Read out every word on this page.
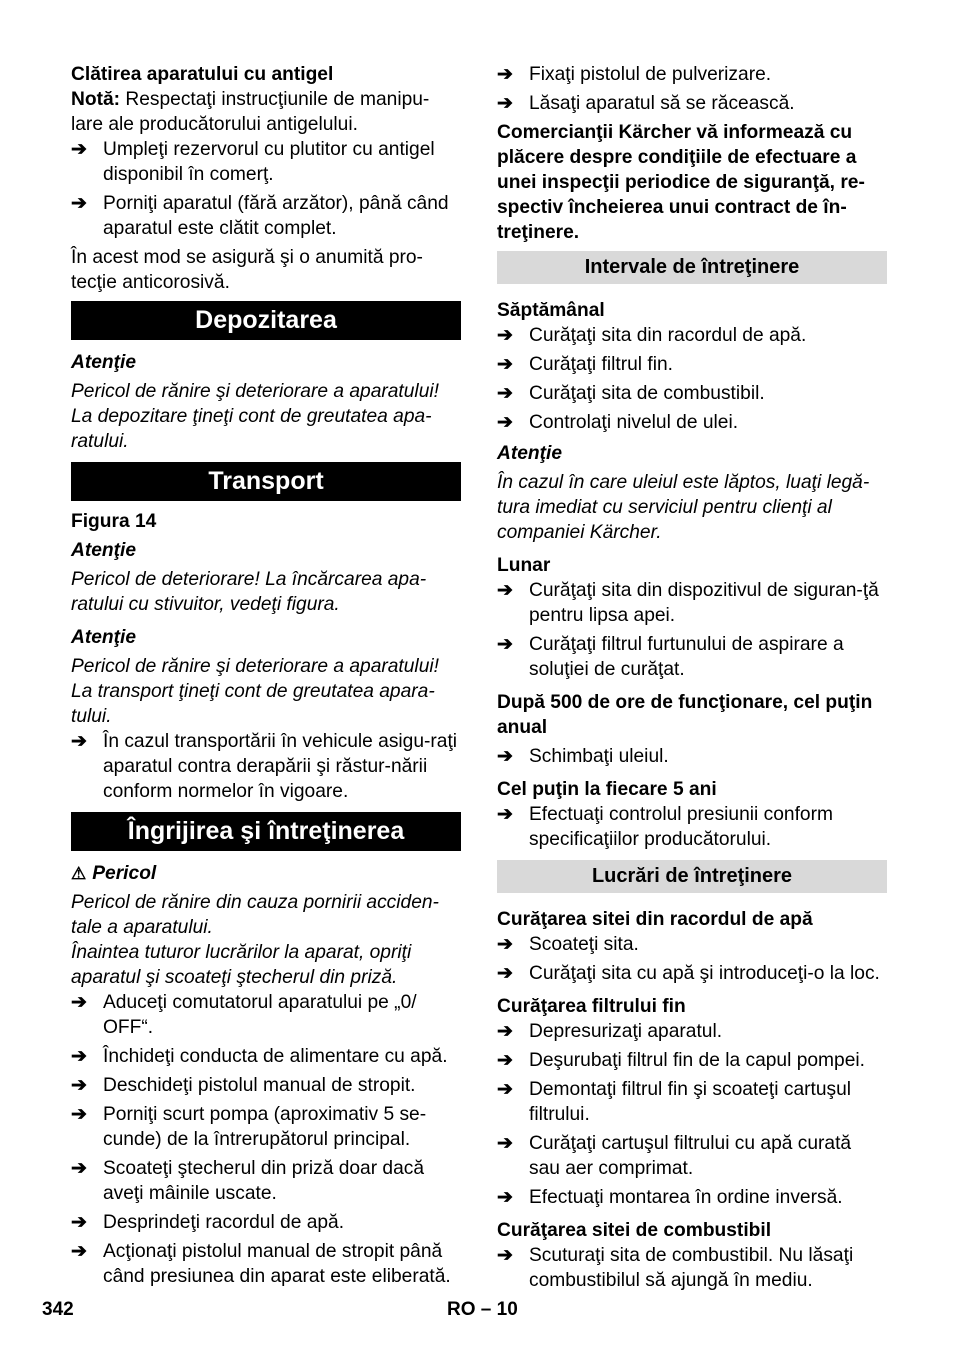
Clătirea aparatului cu antigel

Notă: Respectaţi instrucţiunile de manipu-lare ale producătorului antigelului.

➔ Umpleţi rezervorul cu plutitor cu antigel disponibil în comerţ.
➔ Porniţi aparatul (fără arzător), până când aparatul este clătit complet.

În acest mod se asigură şi o anumită pro-tecţie anticorosivă.

Depozitarea

Atenţie

Pericol de rănire şi deteriorare a aparatului! La depozitare ţineţi cont de greutatea apa-ratului.

Transport

Figura 14

Atenţie

Pericol de deteriorare! La încărcarea apa-ratului cu stivuitor, vedeţi figura.

Atenţie

Pericol de rănire şi deteriorare a aparatului! La transport ţineţi cont de greutatea apara-tului.

➔ În cazul transportării în vehicule asigu-raţi aparatul contra derapării şi răstur-nării conform normelor în vigoare.
Îngrijirea şi întreţinerea

⚠ Pericol

Pericol de rănire din cauza pornirii acciden-tale a aparatului.

Înaintea tuturor lucrărilor la aparat, opriţi aparatul şi scoateţi ştecherul din priză.

➔ Aduceţi comutatorul aparatului pe „0/ OFF“.
➔ Închideţi conducta de alimentare cu apă.
➔ Deschideţi pistolul manual de stropit.
➔ Porniţi scurt pompa (aproximativ 5 se-cunde) de la întrerupătorul principal.
➔ Scoateţi ştecherul din priză doar dacă aveţi mâinile uscate.
➔ Desprindeţi racordul de apă.
➔ Acţionaţi pistolul manual de stropit până când presiunea din aparat este eliberată.
➔ Fixaţi pistolul de pulverizare.
➔ Lăsaţi aparatul să se răcească.

Comercianţii Kärcher vă informează cu plăcere despre condiţiile de efectuare a unei inspecţii periodice de siguranţă, re-spectiv încheierea unui contract de în-treţinere.

Intervale de întreţinere

Săptămânal

➔ Curăţaţi sita din racordul de apă.
➔ Curăţaţi filtrul fin.
➔ Curăţaţi sita de combustibil.
➔ Controlaţi nivelul de ulei.

Atenţie

În cazul în care uleiul este lăptos, luaţi legă-tura imediat cu serviciul pentru clienţi al companiei Kärcher.

Lunar

➔ Curăţaţi sita din dispozitivul de siguran-ţă pentru lipsa apei.
➔ Curăţaţi filtrul furtunului de aspirare a soluţiei de curăţat.

După 500 de ore de funcţionare, cel puţin anual

➔ Schimbaţi uleiul.

Cel puţin la fiecare 5 ani

➔ Efectuaţi controlul presiunii conform specificaţiilor producătorului.
Lucrări de întreţinere

Curăţarea sitei din racordul de apă

➔ Scoateţi sita.
➔ Curăţaţi sita cu apă şi introduceţi-o la loc.

Curăţarea filtrului fin

➔ Depresurizaţi aparatul.
➔ Deşurubaţi filtrul fin de la capul pompei.
➔ Demontaţi filtrul fin şi scoateţi cartuşul filtrului.
➔ Curăţaţi cartuşul filtrului cu apă curată sau aer comprimat.
➔ Efectuaţi montarea în ordine inversă.

Curăţarea sitei de combustibil

➔ Scuturaţi sita de combustibil. Nu lăsaţi combustibilul să ajungă în mediu.
342	RO – 10
